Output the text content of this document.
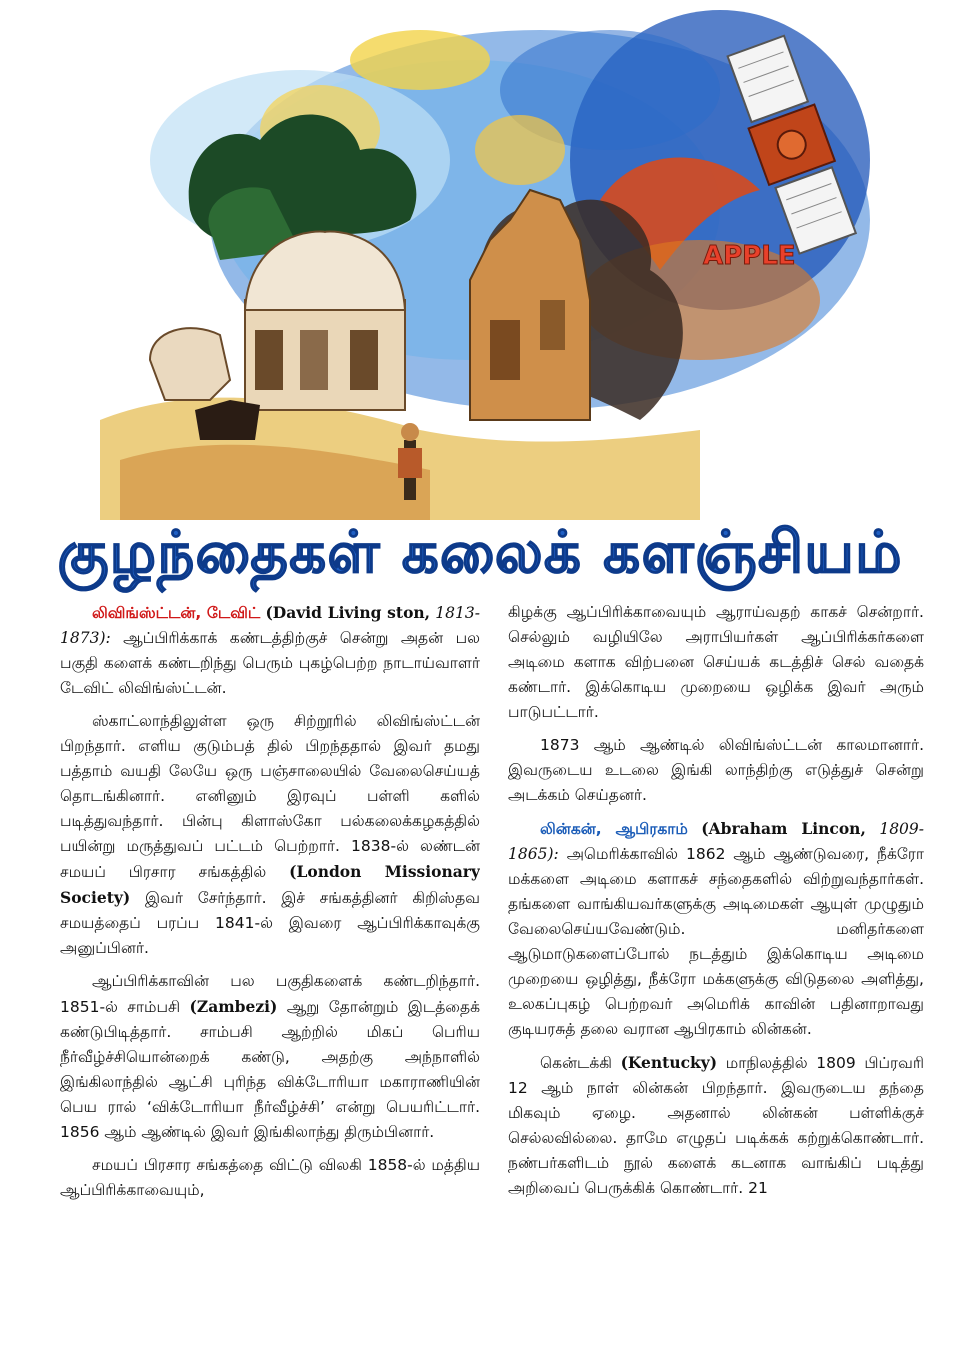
APPLE
குழந்தைகள் கலைக் களஞ்சியம்

லிவிங்ஸ்ட்டன், டேவிட் (David Living ston, 1813-1873): ஆப்பிரிக்காக் கண்டத்திற்குச் சென்று அதன் பல பகுதி களைக் கண்டறிந்து பெரும் புகழ்பெற்ற நாடாய்வாளர் டேவிட் லிவிங்ஸ்ட்டன்.

ஸ்காட்லாந்திலுள்ள ஒரு சிற்றூரில் லிவிங்ஸ்ட்டன் பிறந்தார். எளிய குடும்பத் தில் பிறந்ததால் இவர் தமது பத்தாம் வயதி லேயே ஒரு பஞ்சாலையில் வேலைசெய்யத் தொடங்கினார். எனினும் இரவுப் பள்ளி களில் படித்துவந்தார். பின்பு கிளாஸ்கோ பல்கலைக்கழகத்தில் பயின்று மருத்துவப் பட்டம் பெற்றார். 1838-ல் லண்டன் சமயப் பிரசார சங்கத்தில் (London Missionary Society) இவர் சேர்ந்தார். இச் சங்கத்தினர் கிறிஸ்தவ சமயத்தைப் பரப்ப 1841-ல் இவரை ஆப்பிரிக்காவுக்கு அனுப்பினர்.

ஆப்பிரிக்காவின் பல பகுதிகளைக் கண்டறிந்தார். 1851-ல் சாம்பசி (Zambezi) ஆறு தோன்றும் இடத்தைக் கண்டுபிடித்தார். சாம்பசி ஆற்றில் மிகப் பெரிய நீர்வீழ்ச்சியொன்றைக் கண்டு, அதற்கு அந்நாளில் இங்கிலாந்தில் ஆட்சி புரிந்த விக்டோரியா மகாராணியின் பெய ரால் ‘விக்டோரியா நீர்வீழ்ச்சி’ என்று பெயரிட்டார். 1856 ஆம் ஆண்டில் இவர் இங்கிலாந்து திரும்பினார்.

சமயப் பிரசார சங்கத்தை விட்டு விலகி 1858-ல் மத்திய ஆப்பிரிக்காவையும்,

கிழக்கு ஆப்பிரிக்காவையும் ஆராய்வதற் காகச் சென்றார். செல்லும் வழியிலே அராபியர்கள் ஆப்பிரிக்கர்களை அடிமை களாக விற்பனை செய்யக் கடத்திச் செல் வதைக் கண்டார். இக்கொடிய முறையை ஒழிக்க இவர் அரும் பாடுபட்டார்.

1873 ஆம் ஆண்டில் லிவிங்ஸ்ட்டன் காலமானார். இவருடைய உடலை இங்கி லாந்திற்கு எடுத்துச் சென்று அடக்கம் செய்தனர்.

லின்கன், ஆபிரகாம் (Abraham Lincon, 1809-1865): அமெரிக்காவில் 1862 ஆம் ஆண்டுவரை, நீக்ரோ மக்களை அடிமை களாகச் சந்தைகளில் விற்றுவந்தார்கள். தங்களை வாங்கியவர்களுக்கு அடிமைகள் ஆயுள் முழுதும் வேலைசெய்யவேண்டும். மனிதர்களை ஆடுமாடுகளைப்போல் நடத்தும் இக்கொடிய அடிமை முறையை ஒழித்து, நீக்ரோ மக்களுக்கு விடுதலை அளித்து, உலகப்புகழ் பெற்றவர் அமெரிக் காவின் பதினாறாவது குடியரசுத் தலை வரான ஆபிரகாம் லின்கன்.

கென்டக்கி (Kentucky) மாநிலத்தில் 1809 பிப்ரவரி 12 ஆம் நாள் லின்கன் பிறந்தார். இவருடைய தந்தை மிகவும் ஏழை. அதனால் லின்கன் பள்ளிக்குச் செல்லவில்லை. தாமே எழுதப் படிக்கக் கற்றுக்கொண்டார். நண்பர்களிடம் நூல் களைக் கடனாக வாங்கிப் படித்து அறிவைப் பெருக்கிக் கொண்டார். 21
